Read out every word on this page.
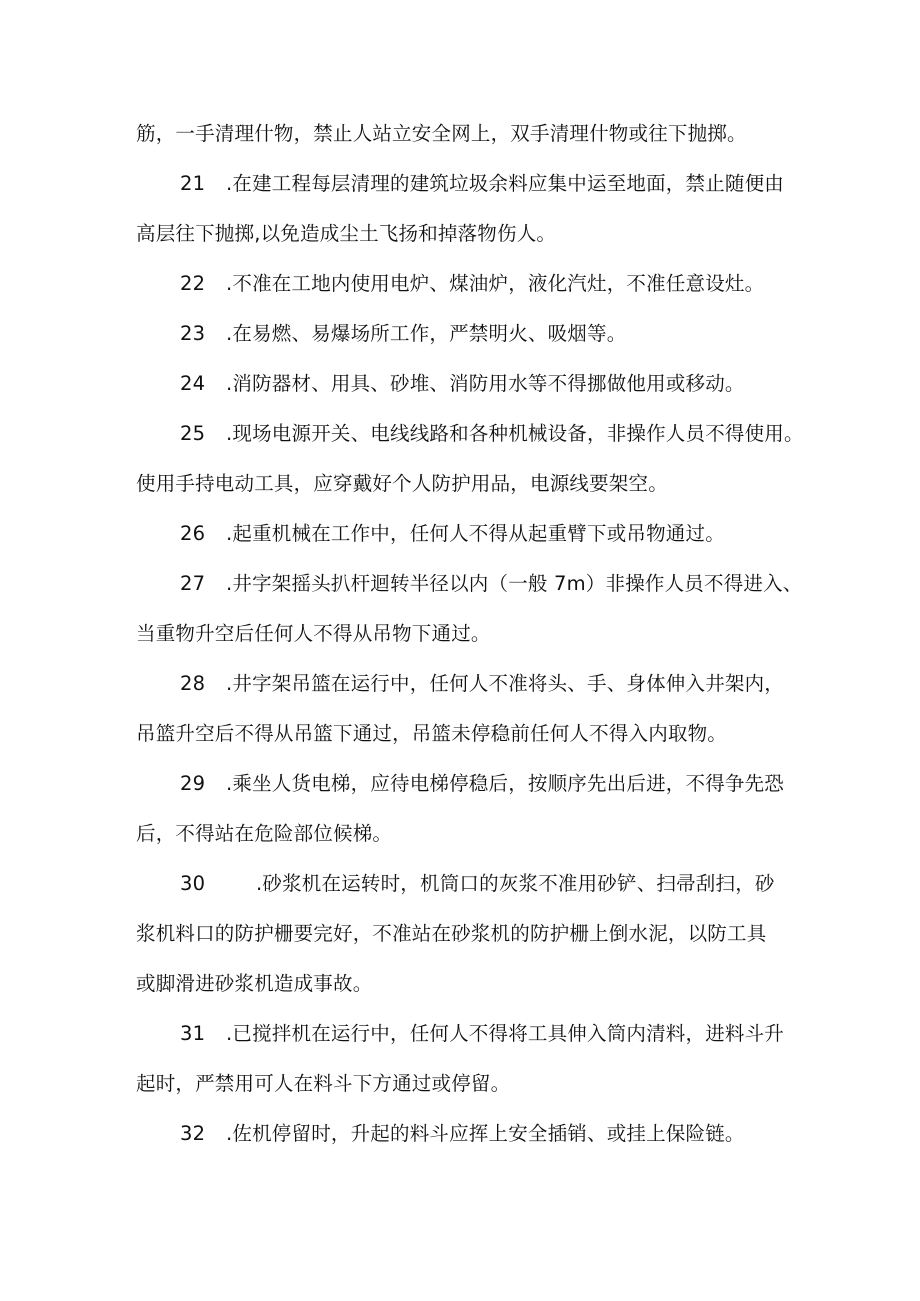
筋，一手清理什物，禁止人站立安全网上，双手清理什物或往下抛掷。
21 .在建工程每层清理的建筑垃圾余料应集中运至地面，禁止随便由
高层往下抛掷,以免造成尘土飞扬和掉落物伤人。
22 .不准在工地内使用电炉、煤油炉，液化汽灶，不准任意设灶。
23 .在易燃、易爆场所工作，严禁明火、吸烟等。
24 .消防器材、用具、砂堆、消防用水等不得挪做他用或移动。
25 .现场电源开关、电线线路和各种机械设备，非操作人员不得使用。
使用手持电动工具，应穿戴好个人防护用品，电源线要架空。
26 .起重机械在工作中，任何人不得从起重臂下或吊物通过。
27 .井字架摇头扒杆迴转半径以内（一般 7m）非操作人员不得进入、
当重物升空后任何人不得从吊物下通过。
28 .井字架吊篮在运行中，任何人不准将头、手、身体伸入井架内，
吊篮升空后不得从吊篮下通过，吊篮未停稳前任何人不得入内取物。
29 .乘坐人货电梯，应待电梯停稳后，按顺序先出后进，不得争先恐
后，不得站在危险部位候梯。
30	.砂浆机在运转时，机筒口的灰浆不准用砂铲、扫帚刮扫，砂
浆机料口的防护栅要完好，不准站在砂浆机的防护栅上倒水泥，以防工具
或脚滑进砂浆机造成事故。
31 .已搅拌机在运行中，任何人不得将工具伸入筒内清料，进料斗升
起时，严禁用可人在料斗下方通过或停留。
32 .佐机停留时，升起的料斗应挥上安全插销、或挂上保险链。
